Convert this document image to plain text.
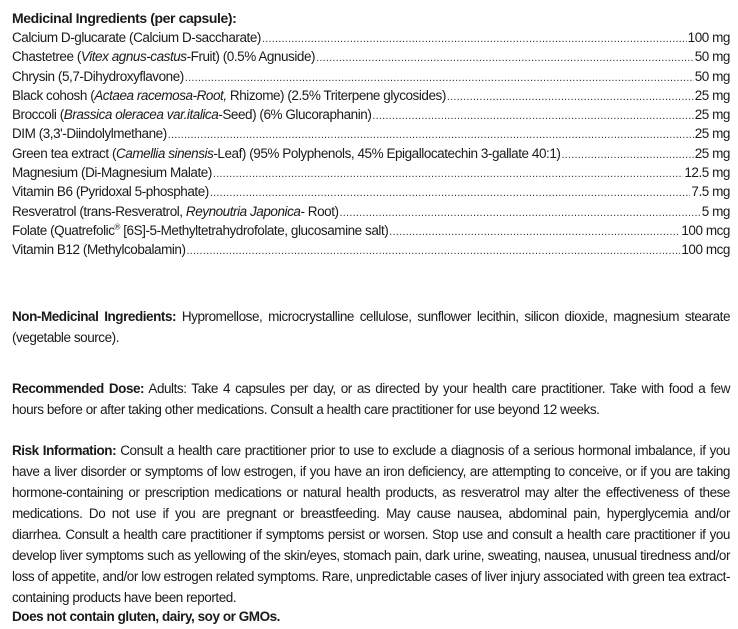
Medicinal Ingredients (per capsule):
Calcium D-glucarate (Calcium D-saccharate) .....	100 mg
Chastetree (Vitex agnus-castus-Fruit) (0.5% Agnuside) .....	50 mg
Chrysin (5,7-Dihydroxyflavone) .....	50 mg
Black cohosh (Actaea racemosa-Root, Rhizome) (2.5% Triterpene glycosides) .....	25 mg
Broccoli (Brassica oleracea var.italica-Seed) (6% Glucoraphanin) .....	25 mg
DIM (3,3'-Diindolylmethane) .....	25 mg
Green tea extract (Camellia sinensis-Leaf) (95% Polyphenols, 45% Epigallocatechin 3-gallate 40:1) .....	25 mg
Magnesium (Di-Magnesium Malate) .....	12.5 mg
Vitamin B6 (Pyridoxal 5-phosphate) .....	7.5 mg
Resveratrol (trans-Resveratrol, Reynoutria Japonica- Root) .....	5 mg
Folate (Quatrefolic® [6S]-5-Methyltetrahydrofolate, glucosamine salt) .....	100 mcg
Vitamin B12 (Methylcobalamin) .....	100 mcg

Non-Medicinal Ingredients: Hypromellose, microcrystalline cellulose, sunflower lecithin, silicon dioxide, magnesium stearate (vegetable source).

Recommended Dose: Adults: Take 4 capsules per day, or as directed by your health care practitioner. Take with food a few hours before or after taking other medications. Consult a health care practitioner for use beyond 12 weeks.

Risk Information: Consult a health care practitioner prior to use to exclude a diagnosis of a serious hormonal imbalance, if you have a liver disorder or symptoms of low estrogen, if you have an iron deficiency, are attempting to conceive, or if you are taking hormone-containing or prescription medications or natural health products, as resveratrol may alter the effectiveness of these medications. Do not use if you are pregnant or breastfeeding. May cause nausea, abdominal pain, hyperglycemia and/or diarrhea. Consult a health care practitioner if symptoms persist or worsen. Stop use and consult a health care practitioner if you develop liver symptoms such as yellowing of the skin/eyes, stomach pain, dark urine, sweating, nausea, unusual tiredness and/or loss of appetite, and/or low estrogen related symptoms. Rare, unpredictable cases of liver injury associated with green tea extract-containing products have been reported.

Does not contain gluten, dairy, soy or GMOs.
